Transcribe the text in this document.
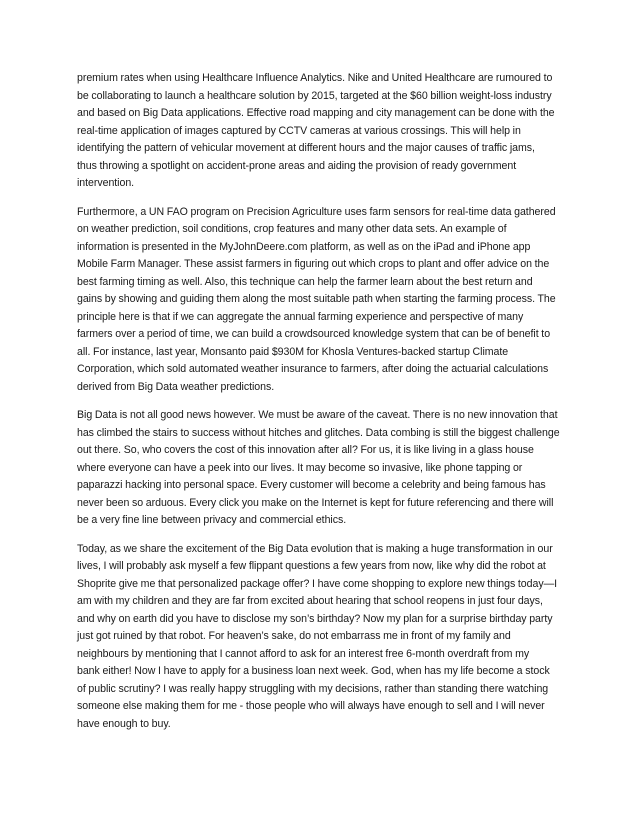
premium rates when using Healthcare Influence Analytics. Nike and United Healthcare are rumoured to
be collaborating to launch a healthcare solution by 2015, targeted at the $60 billion weight-loss industry
and based on Big Data applications. Effective road mapping and city management can be done with the
real-time application of images captured by CCTV cameras at various crossings. This will help in
identifying the pattern of vehicular movement at different hours and the major causes of traffic jams,
thus throwing a spotlight on accident-prone areas and aiding the provision of ready government
intervention.

Furthermore, a UN FAO program on Precision Agriculture uses farm sensors for real-time data gathered
on weather prediction, soil conditions, crop features and many other data sets. An example of
information is presented in the MyJohnDeere.com platform, as well as on the iPad and iPhone app
Mobile Farm Manager. These assist farmers in figuring out which crops to plant and offer advice on the
best farming timing as well. Also, this technique can help the farmer learn about the best return and
gains by showing and guiding them along the most suitable path when starting the farming process. The
principle here is that if we can aggregate the annual farming experience and perspective of many
farmers over a period of time, we can build a crowdsourced knowledge system that can be of benefit to
all. For instance, last year, Monsanto paid $930M for Khosla Ventures-backed startup Climate
Corporation, which sold automated weather insurance to farmers, after doing the actuarial calculations
derived from Big Data weather predictions.

Big Data is not all good news however. We must be aware of the caveat. There is no new innovation that
has climbed the stairs to success without hitches and glitches. Data combing is still the biggest challenge
out there. So, who covers the cost of this innovation after all? For us, it is like living in a glass house
where everyone can have a peek into our lives. It may become so invasive, like phone tapping or
paparazzi hacking into personal space. Every customer will become a celebrity and being famous has
never been so arduous. Every click you make on the Internet is kept for future referencing and there will
be a very fine line between privacy and commercial ethics.

Today, as we share the excitement of the Big Data evolution that is making a huge transformation in our
lives, I will probably ask myself a few flippant questions a few years from now, like why did the robot at
Shoprite give me that personalized package offer? I have come shopping to explore new things today—I
am with my children and they are far from excited about hearing that school reopens in just four days,
and why on earth did you have to disclose my son’s birthday? Now my plan for a surprise birthday party
just got ruined by that robot. For heaven’s sake, do not embarrass me in front of my family and
neighbours by mentioning that I cannot afford to ask for an interest free 6-month overdraft from my
bank either! Now I have to apply for a business loan next week. God, when has my life become a stock
of public scrutiny? I was really happy struggling with my decisions, rather than standing there watching
someone else making them for me - those people who will always have enough to sell and I will never
have enough to buy.
